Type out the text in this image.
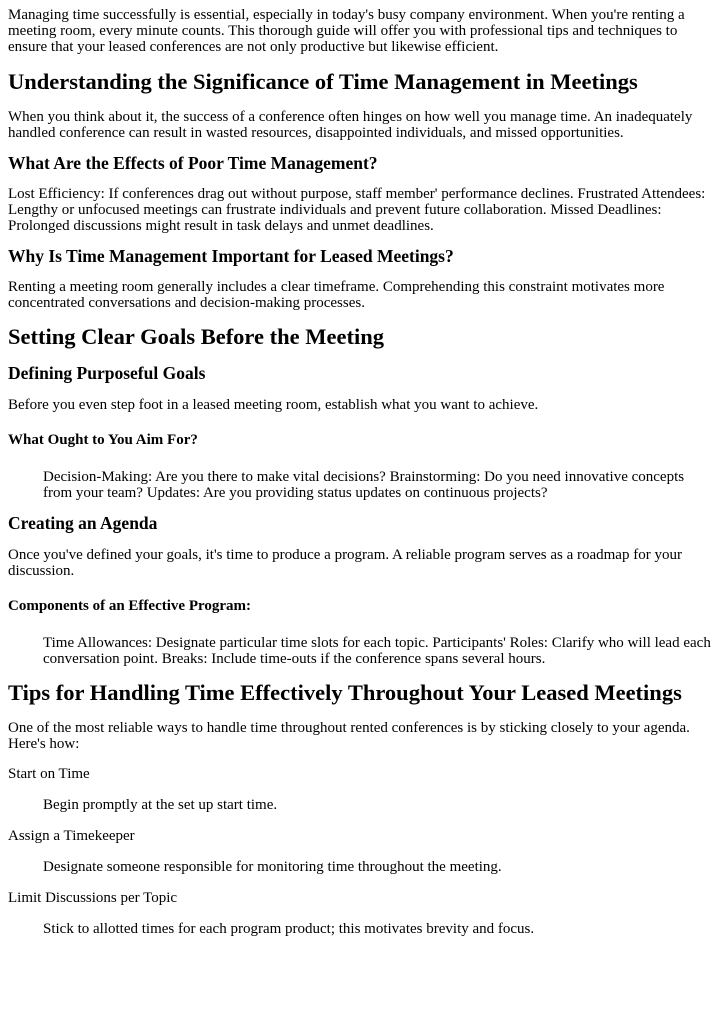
Managing time successfully is essential, especially in today's busy company environment. When you're renting a meeting room, every minute counts. This thorough guide will offer you with professional tips and techniques to ensure that your leased conferences are not only productive but likewise efficient.

Understanding the Significance of Time Management in Meetings

When you think about it, the success of a conference often hinges on how well you manage time. An inadequately handled conference can result in wasted resources, disappointed individuals, and missed opportunities.

What Are the Effects of Poor Time Management?

Lost Efficiency: If conferences drag out without purpose, staff member' performance declines. Frustrated Attendees: Lengthy or unfocused meetings can frustrate individuals and prevent future collaboration. Missed Deadlines: Prolonged discussions might result in task delays and unmet deadlines.

Why Is Time Management Important for Leased Meetings?

Renting a meeting room generally includes a clear timeframe. Comprehending this constraint motivates more concentrated conversations and decision-making processes.

Setting Clear Goals Before the Meeting
Defining Purposeful Goals

Before you even step foot in a leased meeting room, establish what you want to achieve.

What Ought to You Aim For?

Decision-Making: Are you there to make vital decisions? Brainstorming: Do you need innovative concepts from your team? Updates: Are you providing status updates on continuous projects?

Creating an Agenda

Once you've defined your goals, it's time to produce a program. A reliable program serves as a roadmap for your discussion.

Components of an Effective Program:

Time Allowances: Designate particular time slots for each topic. Participants' Roles: Clarify who will lead each conversation point. Breaks: Include time-outs if the conference spans several hours.

Tips for Handling Time Effectively Throughout Your Leased Meetings

One of the most reliable ways to handle time throughout rented conferences is by sticking closely to your agenda. Here's how:

Start on Time

Begin promptly at the set up start time.

Assign a Timekeeper

Designate someone responsible for monitoring time throughout the meeting.

Limit Discussions per Topic

Stick to allotted times for each program product; this motivates brevity and focus.
